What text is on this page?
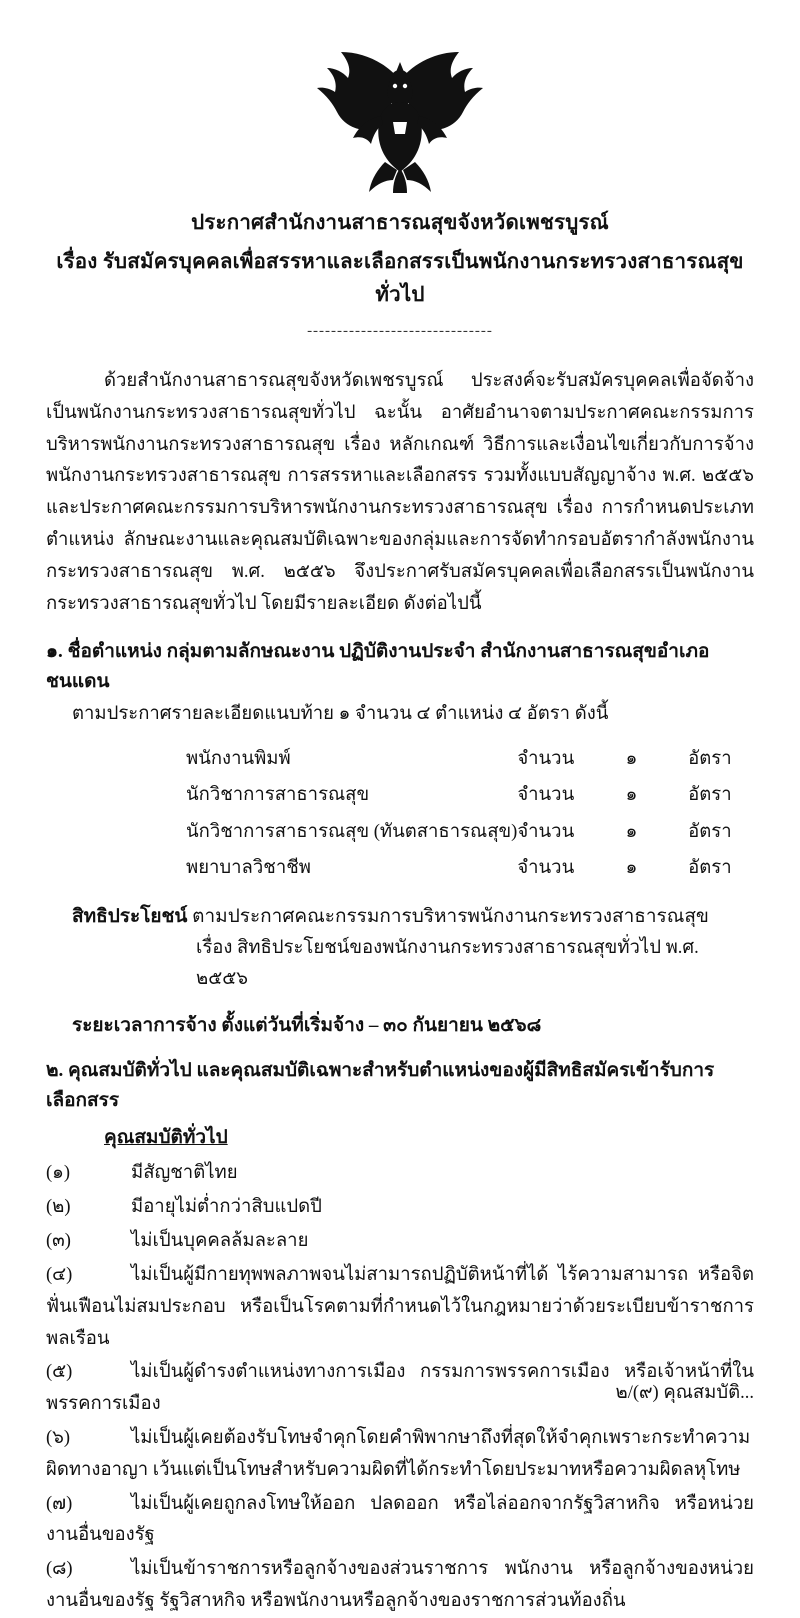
ประกาศสำนักงานสาธารณสุขจังหวัดเพชรบูรณ์
เรื่อง รับสมัครบุคคลเพื่อสรรหาและเลือกสรรเป็นพนักงานกระทรวงสาธารณสุขทั่วไป
-------------------------------
ด้วยสำนักงานสาธารณสุขจังหวัดเพชรบูรณ์ ประสงค์จะรับสมัครบุคคลเพื่อจัดจ้างเป็นพนักงานกระทรวงสาธารณสุขทั่วไป ฉะนั้น อาศัยอำนาจตามประกาศคณะกรรมการบริหารพนักงานกระทรวงสาธารณสุข เรื่อง หลักเกณฑ์ วิธีการและเงื่อนไขเกี่ยวกับการจ้างพนักงานกระทรวงสาธารณสุข การสรรหาและเลือกสรร รวมทั้งแบบสัญญาจ้าง พ.ศ. ๒๕๕๖ และประกาศคณะกรรมการบริหารพนักงานกระทรวงสาธารณสุข เรื่อง การกำหนดประเภท ตำแหน่ง ลักษณะงานและคุณสมบัติเฉพาะของกลุ่มและการจัดทำกรอบอัตรากำลังพนักงานกระทรวงสาธารณสุข พ.ศ. ๒๕๕๖ จึงประกาศรับสมัครบุคคลเพื่อเลือกสรรเป็นพนักงานกระทรวงสาธารณสุขทั่วไป โดยมีรายละเอียด ดังต่อไปนี้
๑. ชื่อตำแหน่ง กลุ่มตามลักษณะงาน ปฏิบัติงานประจำ สำนักงานสาธารณสุขอำเภอชนแดน
ตามประกาศรายละเอียดแนบท้าย ๑ จำนวน ๔ ตำแหน่ง ๔ อัตรา ดังนี้
พนักงานพิมพ์	จำนวน	๑	อัตรา
นักวิชาการสาธารณสุข	จำนวน	๑	อัตรา
นักวิชาการสาธารณสุข (ทันตสาธารณสุข)	จำนวน	๑	อัตรา
พยาบาลวิชาชีพ	จำนวน	๑	อัตรา
สิทธิประโยชน์ ตามประกาศคณะกรรมการบริหารพนักงานกระทรวงสาธารณสุข
เรื่อง สิทธิประโยชน์ของพนักงานกระทรวงสาธารณสุขทั่วไป พ.ศ. ๒๕๕๖
ระยะเวลาการจ้าง ตั้งแต่วันที่เริ่มจ้าง – ๓๐ กันยายน ๒๕๖๘
๒. คุณสมบัติทั่วไป และคุณสมบัติเฉพาะสำหรับตำแหน่งของผู้มีสิทธิสมัครเข้ารับการเลือกสรร
คุณสมบัติทั่วไป
(๑)	มีสัญชาติไทย
(๒)	มีอายุไม่ต่ำกว่าสิบแปดปี
(๓)	ไม่เป็นบุคคลล้มละลาย
(๔)	ไม่เป็นผู้มีกายทุพพลภาพจนไม่สามารถปฏิบัติหน้าที่ได้ ไร้ความสามารถ หรือจิตฟั่นเฟือนไม่สมประกอบ หรือเป็นโรคตามที่กำหนดไว้ในกฎหมายว่าด้วยระเบียบข้าราชการพลเรือน
(๕)	ไม่เป็นผู้ดำรงตำแหน่งทางการเมือง กรรมการพรรคการเมือง หรือเจ้าหน้าที่ในพรรคการเมือง
(๖)	ไม่เป็นผู้เคยต้องรับโทษจำคุกโดยคำพิพากษาถึงที่สุดให้จำคุกเพราะกระทำความผิดทางอาญา เว้นแต่เป็นโทษสำหรับความผิดที่ได้กระทำโดยประมาทหรือความผิดลหุโทษ
(๗)	ไม่เป็นผู้เคยถูกลงโทษให้ออก ปลดออก หรือไล่ออกจากรัฐวิสาหกิจ หรือหน่วยงานอื่นของรัฐ
(๘)	ไม่เป็นข้าราชการหรือลูกจ้างของส่วนราชการ พนักงาน หรือลูกจ้างของหน่วยงานอื่นของรัฐ รัฐวิสาหกิจ หรือพนักงานหรือลูกจ้างของราชการส่วนท้องถิ่น
๒/(๙) คุณสมบัติ...
